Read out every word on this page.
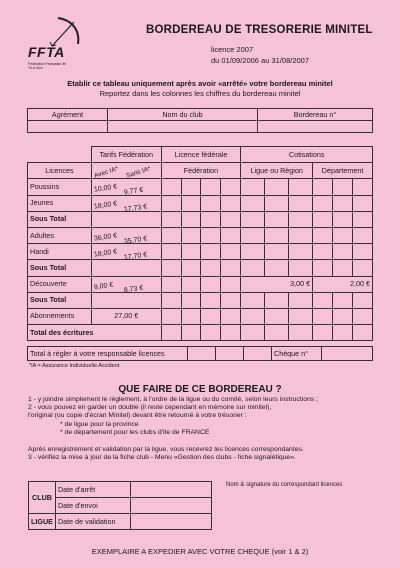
FFTA
Fédération Française de Tir à l'Arc
BORDEREAU DE TRESORERIE MINITEL
licence 2007
du 01/09/2006 au 31/08/2007
Etablir ce tableau uniquement après avoir «arrêté» votre bordereau minitel
Reportez dans les colonnes les chiffres du bordereau minitel
Agrément	Nom du club	Bordereau n°

	Tarifs Fédération	Licence fédérale				Cotisations					
Licences	Avec IA* Sans IA*	Fédération				Ligue ou Région			Département		
Poussins	10,00 € 9,77 €										

Jeunes	18,00 € 17,73 €										

Sous Total											
Adultes	36,00 € 35,70 €										

Handi	18,00 € 17,70 €										

Sous Total											
Découverte	9,00 € 8,73 €					3,00 €			2,00 €		
Sous Total											
Abonnements	27,00 €										
Total des écritures											
Total à régler à votre responsable licences				Chèque n°	
*IA = Assurance Individuelle Accident
QUE FAIRE DE CE BORDEREAU ?
1 - y joindre simplement le règlement, à l'ordre de la ligue ou du comité, selon leurs instructions ;
2 - vous pouvez en garder un double (il reste cependant en mémoire sur minitel),
l'original (ou copie d'écran Minitel) devant être retourné à votre trésorier :
* de ligue pour la province
* de département pour les clubs d'Ile de FRANCE
Après enregistrement et validation par la ligue, vous recevrez les licences correspondantes.
3 - vérifiez la mise à jour de la fiche club - Menu «Gestion des clubs - fiche signalétique».
CLUB	Date d'arrêt	
	Date d'envoi	
LIGUE	Date de validation	
Nom & signature du correspondant licences
EXEMPLAIRE A EXPEDIER AVEC VOTRE CHEQUE (voir 1 & 2)
